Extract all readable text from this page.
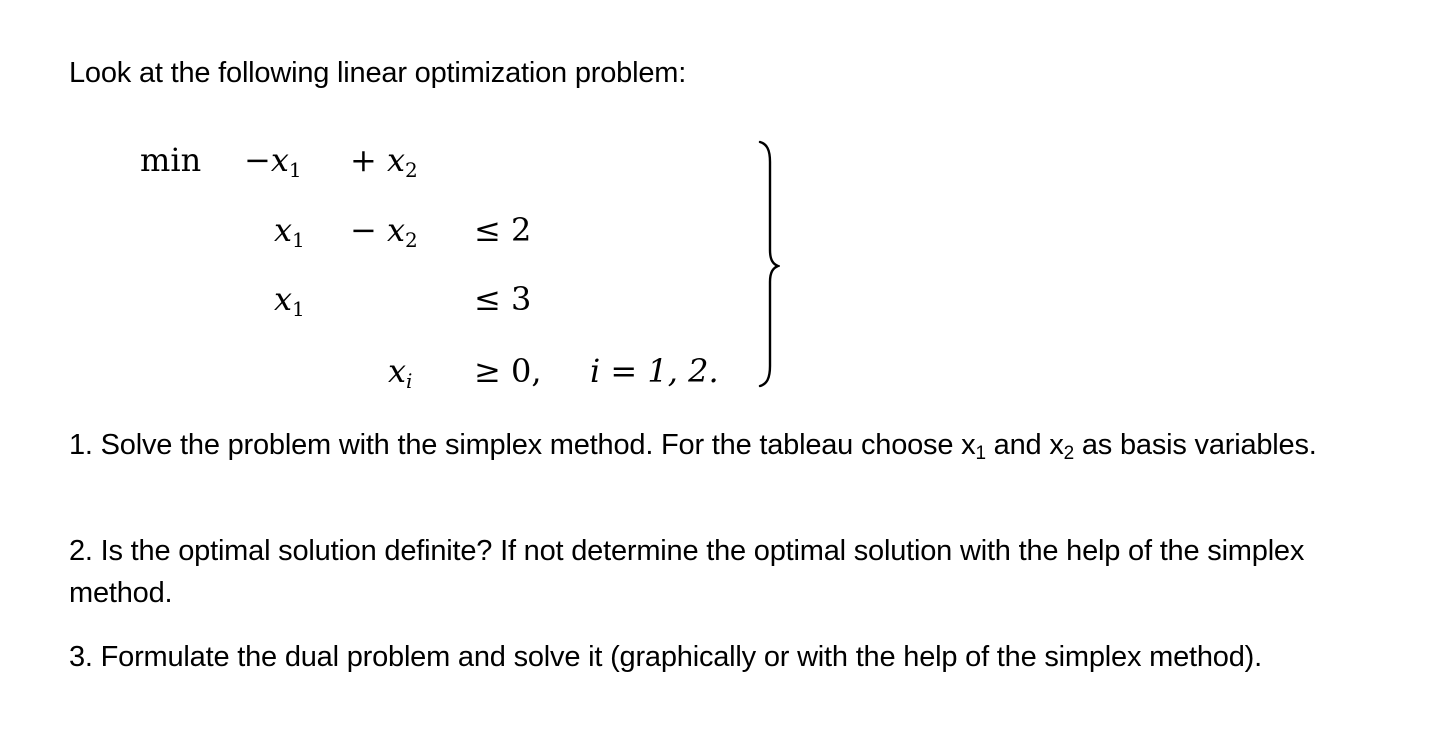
Look at the following linear optimization problem:

$\min -x_1 + x_2$
$x_1 - x_2 \le 2$
$x_1$	≤ 3
$x_i \ge 0$, i = 1, 2.

1. Solve the problem with the simplex method. For the tableau choose $x_1$ and $x_2$ as basis variables.

2. Is the optimal solution definite? If not determine the optimal solution with the help of the simplex method.

3. Formulate the dual problem and solve it (graphically or with the help of the simplex method).
